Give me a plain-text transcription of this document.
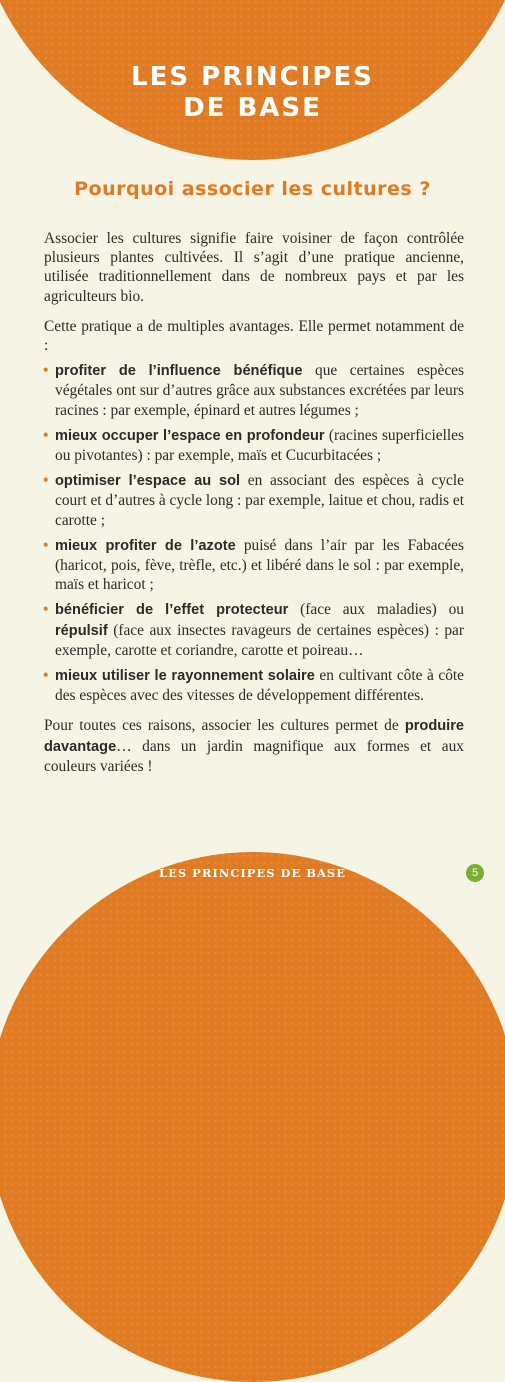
LES PRINCIPES
DE BASE
Pourquoi associer les cultures ?

Associer les cultures signifie faire voisiner de façon contrôlée plusieurs plantes cultivées. Il s’agit d’une pratique ancienne, utilisée traditionnellement dans de nombreux pays et par les agriculteurs bio.

Cette pratique a de multiples avantages. Elle permet notamment de :

• profiter de l’influence bénéfique que certaines espèces végétales ont sur d’autres grâce aux substances excrétées par leurs racines : par exemple, épinard et autres légumes ;
• mieux occuper l’espace en profondeur (racines superficielles ou pivotantes) : par exemple, maïs et Cucurbitacées ;
• optimiser l’espace au sol en associant des espèces à cycle court et d’autres à cycle long : par exemple, laitue et chou, radis et carotte ;
• mieux profiter de l’azote puisé dans l’air par les Fabacées (haricot, pois, fève, trèfle, etc.) et libéré dans le sol : par exemple, maïs et haricot ;
• bénéficier de l’effet protecteur (face aux maladies) ou répulsif (face aux insectes ravageurs de certaines espèces) : par exemple, carotte et coriandre, carotte et poireau…
• mieux utiliser le rayonnement solaire en cultivant côte à côte des espèces avec des vitesses de développement différentes.

Pour toutes ces raisons, associer les cultures permet de produire davantage… dans un jardin magnifique aux formes et aux couleurs variées !

LES PRINCIPES DE BASE	5
